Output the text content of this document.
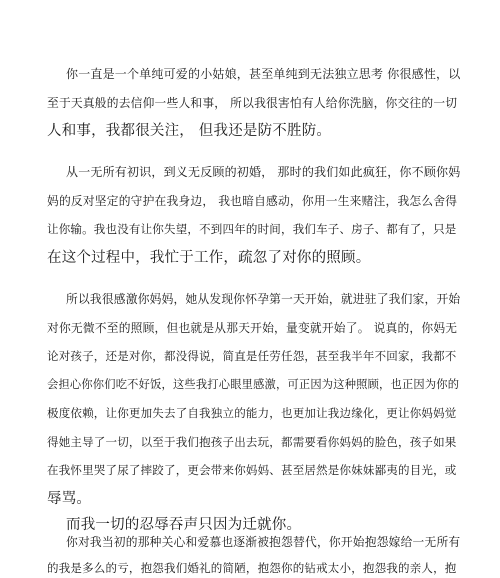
你一直是一个单纯可爱的小姑娘，甚至单纯到无法独立思考 你很感性，以
至于天真般的去信仰一些人和事， 所以我很害怕有人给你洗脑，你交往的一切
人和事，我都很关注， 但我还是防不胜防。
从一无所有初识，到义无反顾的初婚， 那时的我们如此疯狂，你不顾你妈
妈的反对坚定的守护在我身边， 我也暗自感动，你用一生来赌注，我怎么舍得
让你输。我也没有让你失望，不到四年的时间，我们车子、房子、都有了，只是
在这个过程中，我忙于工作，疏忽了对你的照顾。
所以我很感激你妈妈，她从发现你怀孕第一天开始，就进驻了我们家，开始
对你无微不至的照顾，但也就是从那天开始，量变就开始了。 说真的，你妈无
论对孩子，还是对你，都没得说，简直是任劳任怨，甚至我半年不回家，我都不
会担心你你们吃不好饭，这些我打心眼里感激，可正因为这种照顾，也正因为你的
极度依赖，让你更加失去了自我独立的能力，也更加让我边缘化，更让你妈妈觉
得她主导了一切，以至于我们抱孩子出去玩，都需要看你妈妈的脸色，孩子如果
在我怀里哭了尿了摔跤了，更会带来你妈妈、甚至居然是你妹妹鄙夷的目光，或
辱骂。
而我一切的忍辱吞声只因为迁就你。
你对我当初的那种关心和爱慕也逐渐被抱怨替代，你开始抱怨嫁给一无所有
的我是多么的亏，抱怨我们婚礼的简陋，抱怨你的钻戒太小，抱怨我的亲人，抱
